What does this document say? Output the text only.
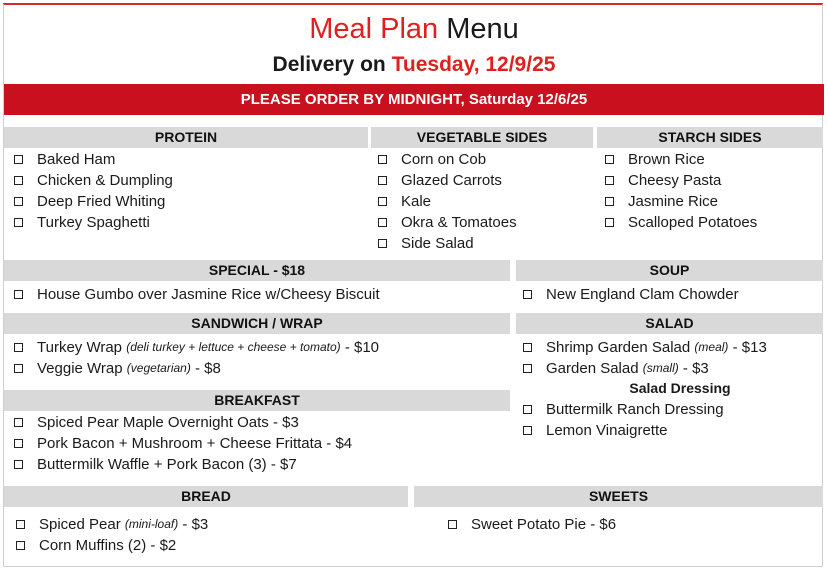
Meal Plan Menu
Delivery on Tuesday, 12/9/25
PLEASE ORDER BY MIDNIGHT, Saturday 12/6/25
PROTEIN
Baked Ham
Chicken & Dumpling
Deep Fried Whiting
Turkey Spaghetti
VEGETABLE SIDES
Corn on Cob
Glazed Carrots
Kale
Okra & Tomatoes
Side Salad
STARCH SIDES
Brown Rice
Cheesy Pasta
Jasmine Rice
Scalloped Potatoes
SPECIAL - $18
House Gumbo over Jasmine Rice w/Cheesy Biscuit
SOUP
New England Clam Chowder
SANDWICH / WRAP
Turkey Wrap
(deli turkey + lettuce + cheese + tomato)
- $10
Veggie Wrap
(vegetarian)
- $8
SALAD
Shrimp Garden Salad
(meal)
- $13
Garden Salad
(small)
- $3
Salad Dressing
Buttermilk Ranch Dressing
Lemon Vinaigrette
BREAKFAST
Spiced Pear Maple Overnight Oats - $3
Pork Bacon + Mushroom + Cheese Frittata - $4
Buttermilk Waffle + Pork Bacon (3) - $7
BREAD
Spiced Pear
(mini-loaf)
- $3
Corn Muffins (2) - $2
SWEETS
Sweet Potato Pie - $6
